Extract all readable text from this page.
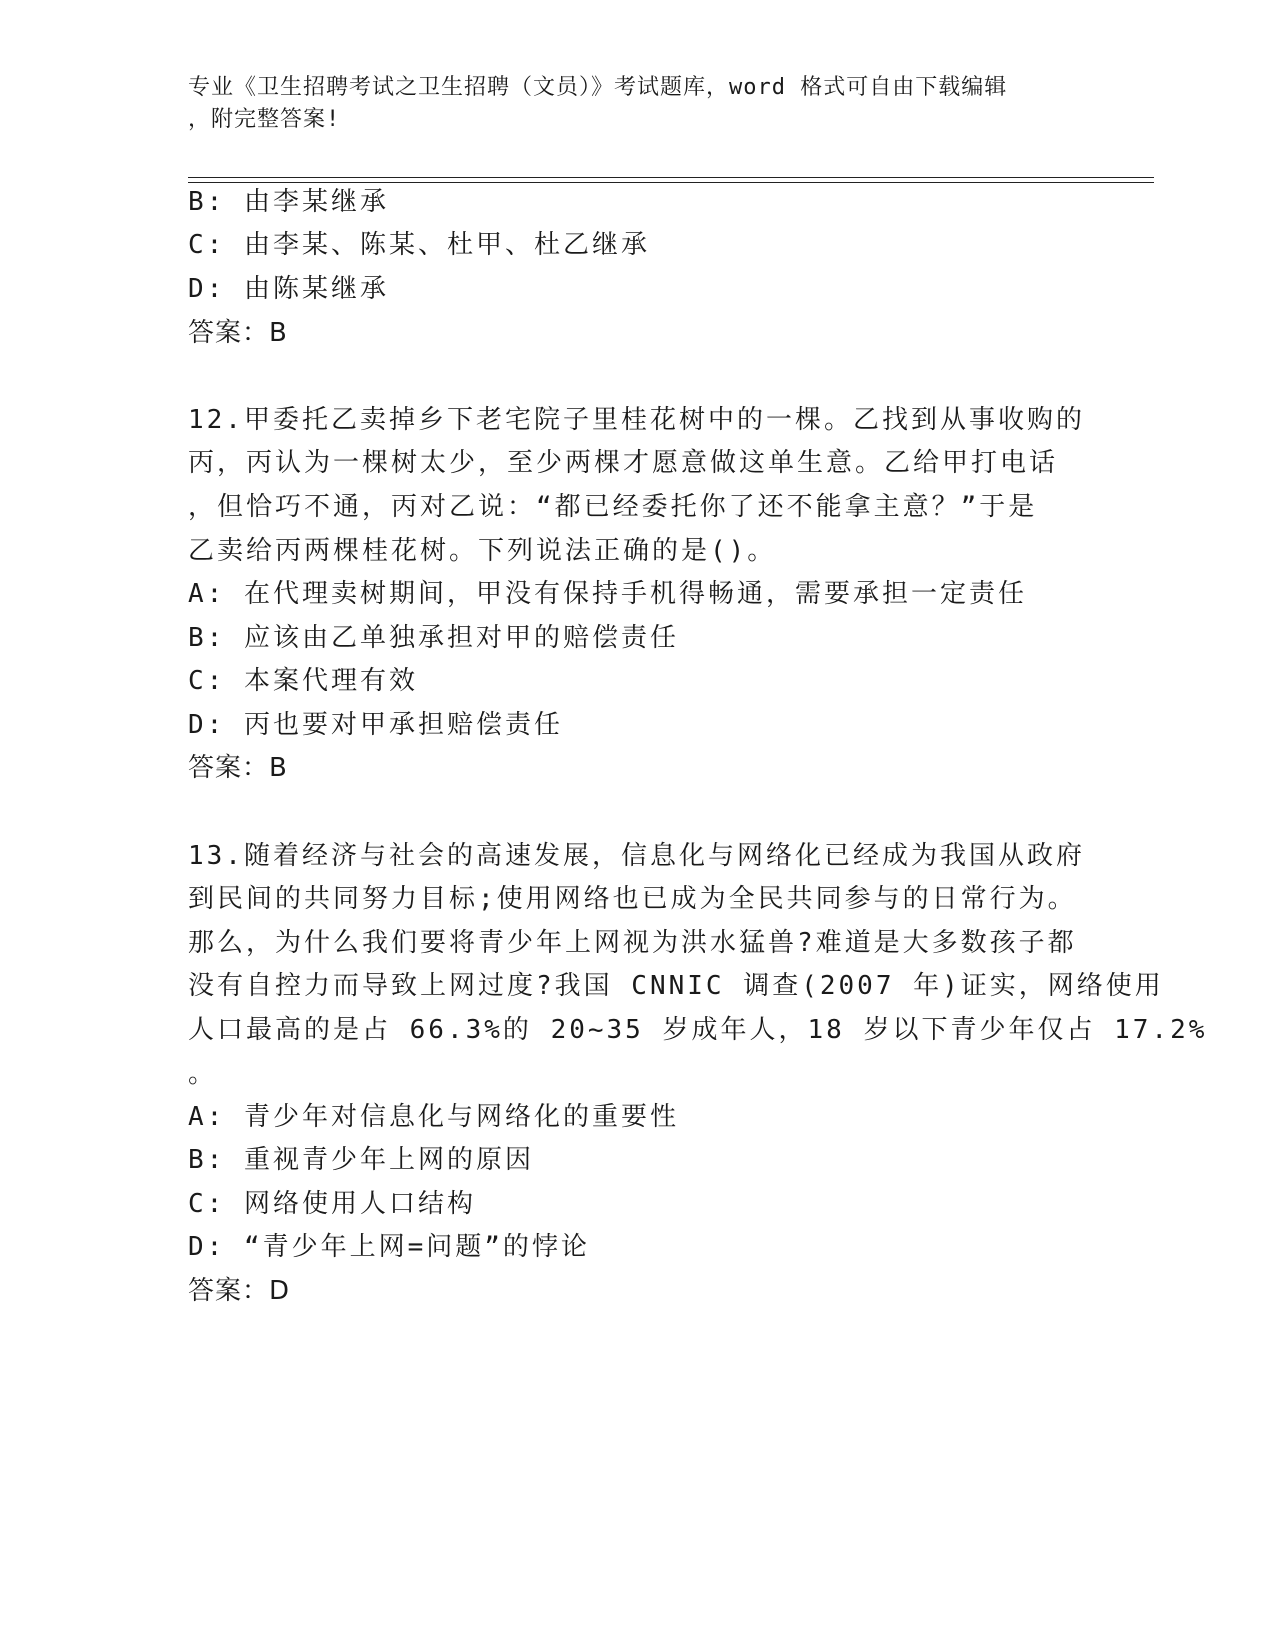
专业《卫生招聘考试之卫生招聘（文员）》考试题库，word 格式可自由下载编辑
，附完整答案!
B: 由李某继承
C: 由李某、陈某、杜甲、杜乙继承
D: 由陈某继承
答案：B
12.甲委托乙卖掉乡下老宅院子里桂花树中的一棵。乙找到从事收购的
丙，丙认为一棵树太少，至少两棵才愿意做这单生意。乙给甲打电话
，但恰巧不通，丙对乙说：“都已经委托你了还不能拿主意？”于是
乙卖给丙两棵桂花树。下列说法正确的是()。
A: 在代理卖树期间，甲没有保持手机得畅通，需要承担一定责任
B: 应该由乙单独承担对甲的赔偿责任
C: 本案代理有效
D: 丙也要对甲承担赔偿责任
答案：B
13.随着经济与社会的高速发展，信息化与网络化已经成为我国从政府
到民间的共同努力目标;使用网络也已成为全民共同参与的日常行为。
那么，为什么我们要将青少年上网视为洪水猛兽?难道是大多数孩子都
没有自控力而导致上网过度?我国 CNNIC 调查(2007 年)证实，网络使用
人口最高的是占 66.3%的 20~35 岁成年人，18 岁以下青少年仅占 17.2%
。
A: 青少年对信息化与网络化的重要性
B: 重视青少年上网的原因
C: 网络使用人口结构
D: “青少年上网=问题”的悖论
答案：D
